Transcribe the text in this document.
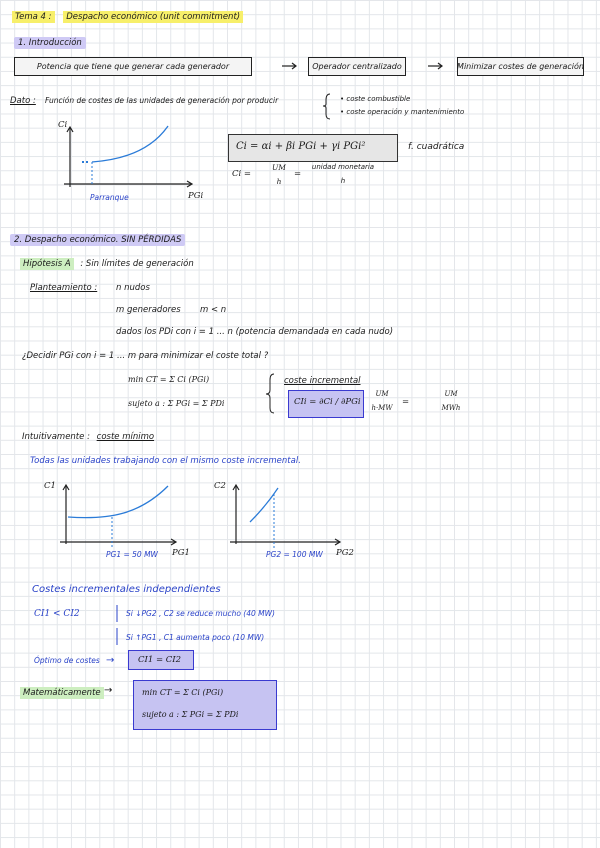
Tema 4 : Despacho económico (unit commitment)
1. Introducción
Potencia que tiene que generar cada generador	Operador centralizado	Minimizar costes de generación
Dato : Función de costes de las unidades de generación por producir	• coste combustible
• coste operación y mantenimiento
Ci
PGi
Parranque
Ci = αi + βi PGi + γi PGi²	f. cuadrática
Ci =
UM
h
=
unidad monetaria
h
2. Despacho económico. SIN PÉRDIDAS
Hipótesis A : Sin límites de generación
Planteamiento : n nudos
m generadores m < n
dados los PDi con i = 1 ... n (potencia demandada en cada nudo)
¿Decidir PGi con i = 1 ... m para minimizar el coste total ?
min CT = Σ Ci (PGi)
sujeto a : Σ PGi = Σ PDi
coste incremental
CIi = ∂Ci / ∂PGi
UM
h·MW
=
UM
MWh
Intuitivamente : coste mínimo
Todas las unidades trabajando con el mismo coste incremental.
C1
PG1
PG1 = 50 MW
C2
PG2
PG2 = 100 MW
Costes incrementales independientes
CI1 < CI2	Si ↓PG2 , C2 se reduce mucho (40 MW)
Si ↑PG1 , C1 aumenta poco (10 MW)
Óptimo de costes →	CI1 = CI2
Matemáticamente →	min CT = Σ Ci (PGi)
sujeto a : Σ PGi = Σ PDi
